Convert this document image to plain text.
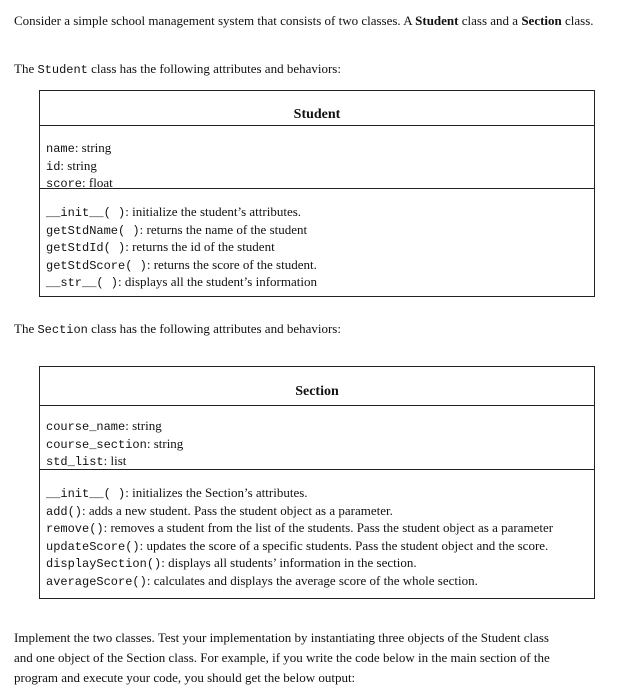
Consider a simple school management system that consists of two classes. A Student class and a Section class.
The Student class has the following attributes and behaviors:
Student
name: string
id: string
score: float
__init__( ): initialize the student’s attributes.
getStdName( ): returns the name of the student
getStdId( ): returns the id of the student
getStdScore( ): returns the score of the student.
__str__( ): displays all the student’s information
The Section class has the following attributes and behaviors:
Section
course_name: string
course_section: string
std_list: list
__init__( ): initializes the Section’s attributes.
add(): adds a new student. Pass the student object as a parameter.
remove(): removes a student from the list of the students. Pass the student object as a parameter
updateScore(): updates the score of a specific students. Pass the student object and the score.
displaySection(): displays all students’ information in the section.
averageScore(): calculates and displays the average score of the whole section.
Implement the two classes. Test your implementation by instantiating three objects of the Student class
and one object of the Section class. For example, if you write the code below in the main section of the
program and execute your code, you should get the below output:
